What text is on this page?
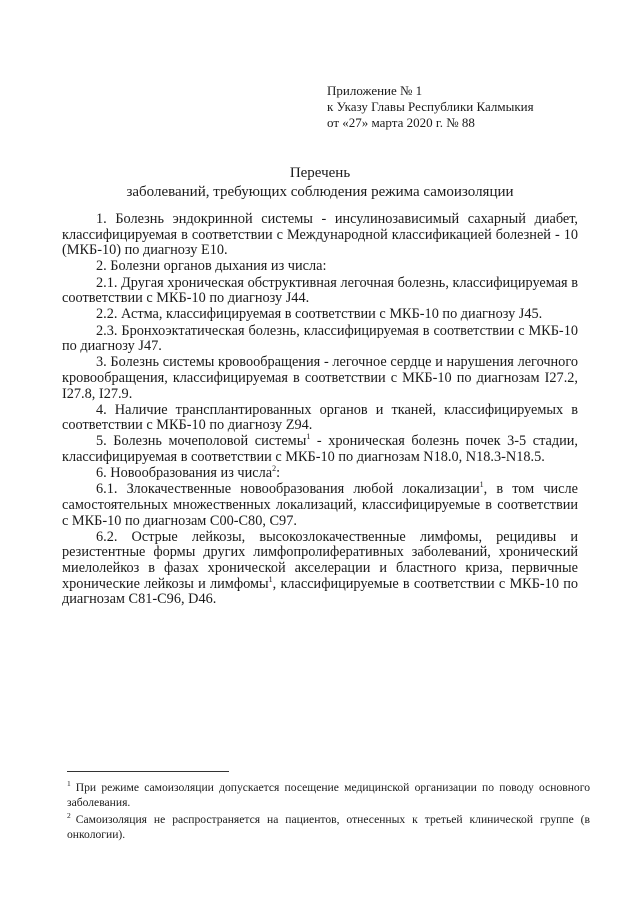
Приложение № 1
к Указу Главы Республики Калмыкия
от «27» марта 2020 г. № 88
Перечень
заболеваний, требующих соблюдения режима самоизоляции

1. Болезнь эндокринной системы - инсулинозависимый сахарный диабет, классифицируемая в соответствии с Международной классификацией болезней - 10 (МКБ-10) по диагнозу E10.

2. Болезни органов дыхания из числа:

2.1. Другая хроническая обструктивная легочная болезнь, классифицируемая в соответствии с МКБ-10 по диагнозу J44.

2.2. Астма, классифицируемая в соответствии с МКБ-10 по диагнозу J45.

2.3. Бронхоэктатическая болезнь, классифицируемая в соответствии с МКБ-10 по диагнозу J47.

3. Болезнь системы кровообращения - легочное сердце и нарушения легочного кровообращения, классифицируемая в соответствии с МКБ-10 по диагнозам I27.2, I27.8, I27.9.

4. Наличие трансплантированных органов и тканей, классифицируемых в соответствии с МКБ-10 по диагнозу Z94.

5. Болезнь мочеполовой системы$^1$ - хроническая болезнь почек 3-5 стадии, классифицируемая в соответствии с МКБ-10 по диагнозам N18.0, N18.3-N18.5.

6. Новообразования из числа$^2$:

6.1. Злокачественные новообразования любой локализации$^1$, в том числе самостоятельных множественных локализаций, классифицируемые в соответствии с МКБ-10 по диагнозам C00-C80, C97.

6.2. Острые лейкозы, высокозлокачественные лимфомы, рецидивы и резистентные формы других лимфопролиферативных заболеваний, хронический миелолейкоз в фазах хронической акселерации и бластного криза, первичные хронические лейкозы и лимфомы$^1$, классифицируемые в соответствии с МКБ-10 по диагнозам C81-C96, D46.

$^1$ При режиме самоизоляции допускается посещение медицинской организации по поводу основного заболевания.

$^2$ Самоизоляция не распространяется на пациентов, отнесенных к третьей клинической группе (в онкологии).
